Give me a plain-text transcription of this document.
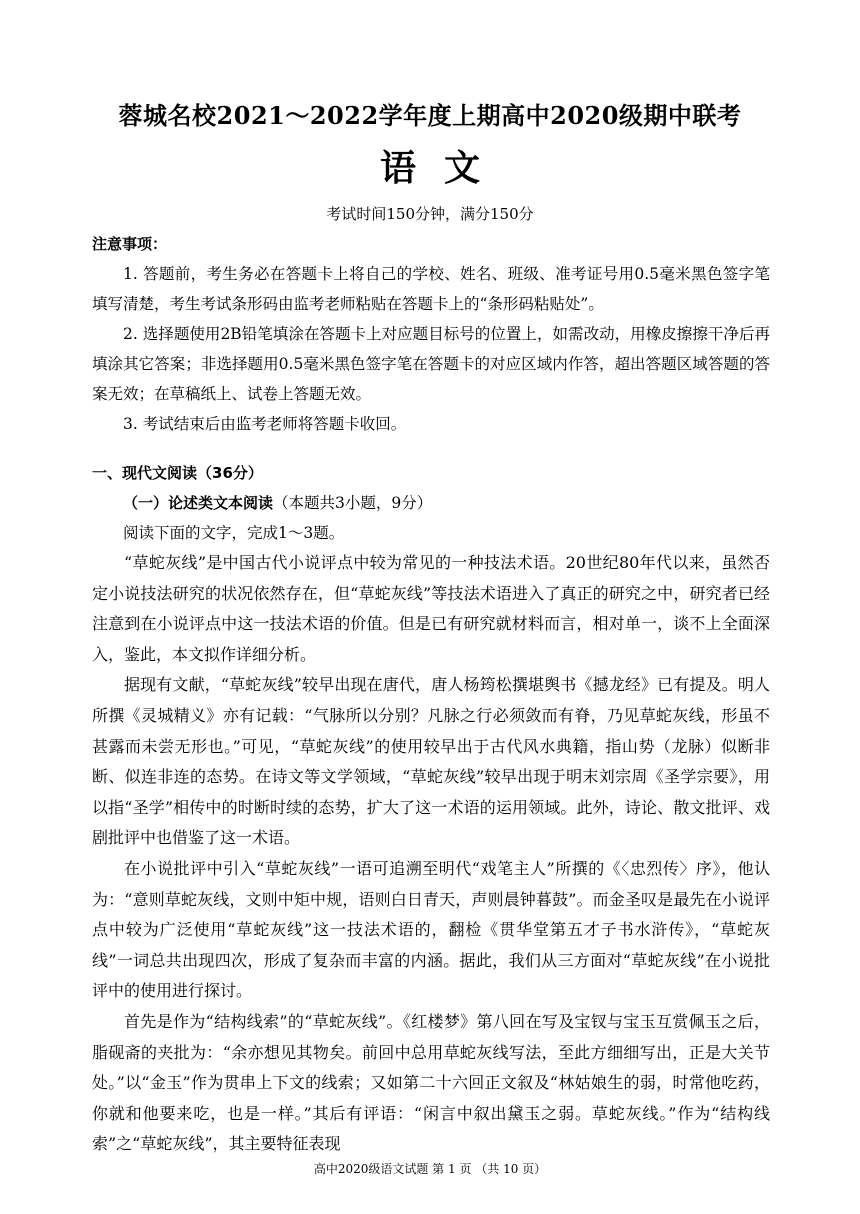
蓉城名校2021～2022学年度上期高中2020级期中联考
语文
考试时间150分钟，满分150分

注意事项：

1. 答题前，考生务必在答题卡上将自己的学校、姓名、班级、准考证号用0.5毫米黑色签字笔填写清楚，考生考试条形码由监考老师粘贴在答题卡上的“条形码粘贴处”。

2. 选择题使用2B铅笔填涂在答题卡上对应题目标号的位置上，如需改动，用橡皮擦擦干净后再填涂其它答案；非选择题用0.5毫米黑色签字笔在答题卡的对应区域内作答，超出答题区域答题的答案无效；在草稿纸上、试卷上答题无效。

3. 考试结束后由监考老师将答题卡收回。

一、现代文阅读（36分）
（一）论述类文本阅读（本题共3小题，9分）
阅读下面的文字，完成1～3题。

“草蛇灰线”是中国古代小说评点中较为常见的一种技法术语。20世纪80年代以来，虽然否定小说技法研究的状况依然存在，但“草蛇灰线”等技法术语进入了真正的研究之中，研究者已经注意到在小说评点中这一技法术语的价值。但是已有研究就材料而言，相对单一，谈不上全面深入，鉴此，本文拟作详细分析。

据现有文献，“草蛇灰线”较早出现在唐代，唐人杨筠松撰堪舆书《撼龙经》已有提及。明人所撰《灵城精义》亦有记载：“气脉所以分别？凡脉之行必须敛而有脊，乃见草蛇灰线，形虽不甚露而未尝无形也。”可见，“草蛇灰线”的使用较早出于古代风水典籍，指山势（龙脉）似断非断、似连非连的态势。在诗文等文学领域，“草蛇灰线”较早出现于明末刘宗周《圣学宗要》，用以指“圣学”相传中的时断时续的态势，扩大了这一术语的运用领域。此外，诗论、散文批评、戏剧批评中也借鉴了这一术语。

在小说批评中引入“草蛇灰线”一语可追溯至明代“戏笔主人”所撰的《〈忠烈传〉序》，他认为：“意则草蛇灰线，文则中矩中规，语则白日青天，声则晨钟暮鼓”。而金圣叹是最先在小说评点中较为广泛使用“草蛇灰线”这一技法术语的，翻检《贯华堂第五才子书水浒传》，“草蛇灰线”一词总共出现四次，形成了复杂而丰富的内涵。据此，我们从三方面对“草蛇灰线”在小说批评中的使用进行探讨。

首先是作为“结构线索”的“草蛇灰线”。《红楼梦》第八回在写及宝钗与宝玉互赏佩玉之后，脂砚斋的夹批为：“余亦想见其物矣。前回中总用草蛇灰线写法，至此方细细写出，正是大关节处。”以“金玉”作为贯串上下文的线索；又如第二十六回正文叙及“林姑娘生的弱，时常他吃药，你就和他要来吃，也是一样。”其后有评语：“闲言中叙出黛玉之弱。草蛇灰线。”作为“结构线索”之“草蛇灰线”，其主要特征表现

高中2020级语文试题 第 1 页 （共 10 页）
